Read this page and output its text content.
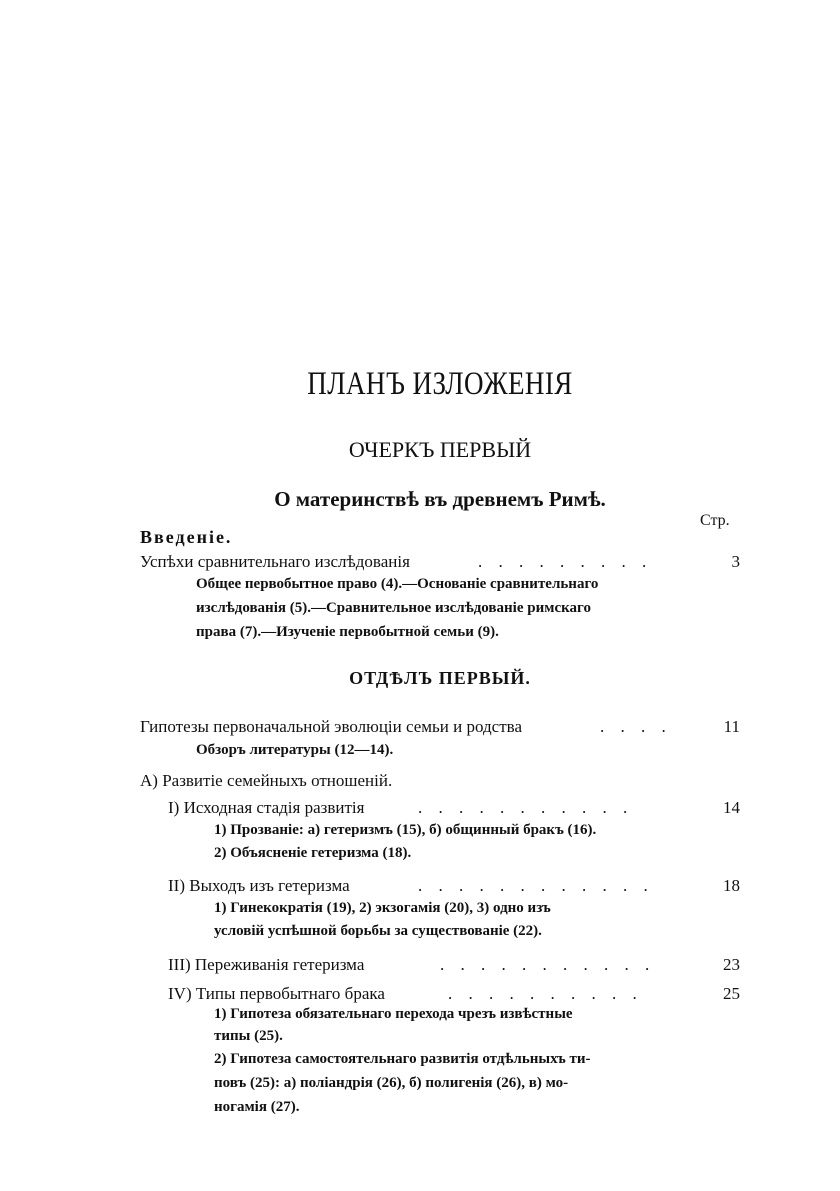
ПЛАНЪ ИЗЛОЖЕНІЯ
ОЧЕРКЪ ПЕРВЫЙ
О материнствѣ въ древнемъ Римѣ.
Стр.
Введеніе.
Успѣхи сравнительнаго изслѣдованія	. . . . . . . . .	3
Общее первобытное право (4).—Основаніе сравнительнаго
изслѣдованія (5).—Сравнительное изслѣдованіе римскаго
права (7).—Изученіе первобытной семьи (9).
ОТДѢЛЪ ПЕРВЫЙ.
Гипотезы первоначальной эволюціи семьи и родства	. . . .	11
Обзоръ литературы (12—14).
А) Развитіе семейныхъ отношеній.
I) Исходная стадія развитія	. . . . . . . . . . .	14
1) Прозваніе: а) гетеризмъ (15), б) общинный бракъ (16).
2) Объясненіе гетеризма (18).
II) Выходъ изъ гетеризма	. . . . . . . . . . . .	18
1) Гинекократія (19), 2) экзогамія (20), 3) одно изъ
условій успѣшной борьбы за существованіе (22).
III) Переживанія гетеризма	. . . . . . . . . . .	23
IV) Типы первобытнаго брака	. . . . . . . . . .	25
1) Гипотеза обязательнаго перехода чрезъ извѣстные
типы (25).
2) Гипотеза самостоятельнаго развитія отдѣльныхъ ти-
повъ (25): а) поліандрія (26), б) полигенія (26), в) мо-
ногамія (27).
